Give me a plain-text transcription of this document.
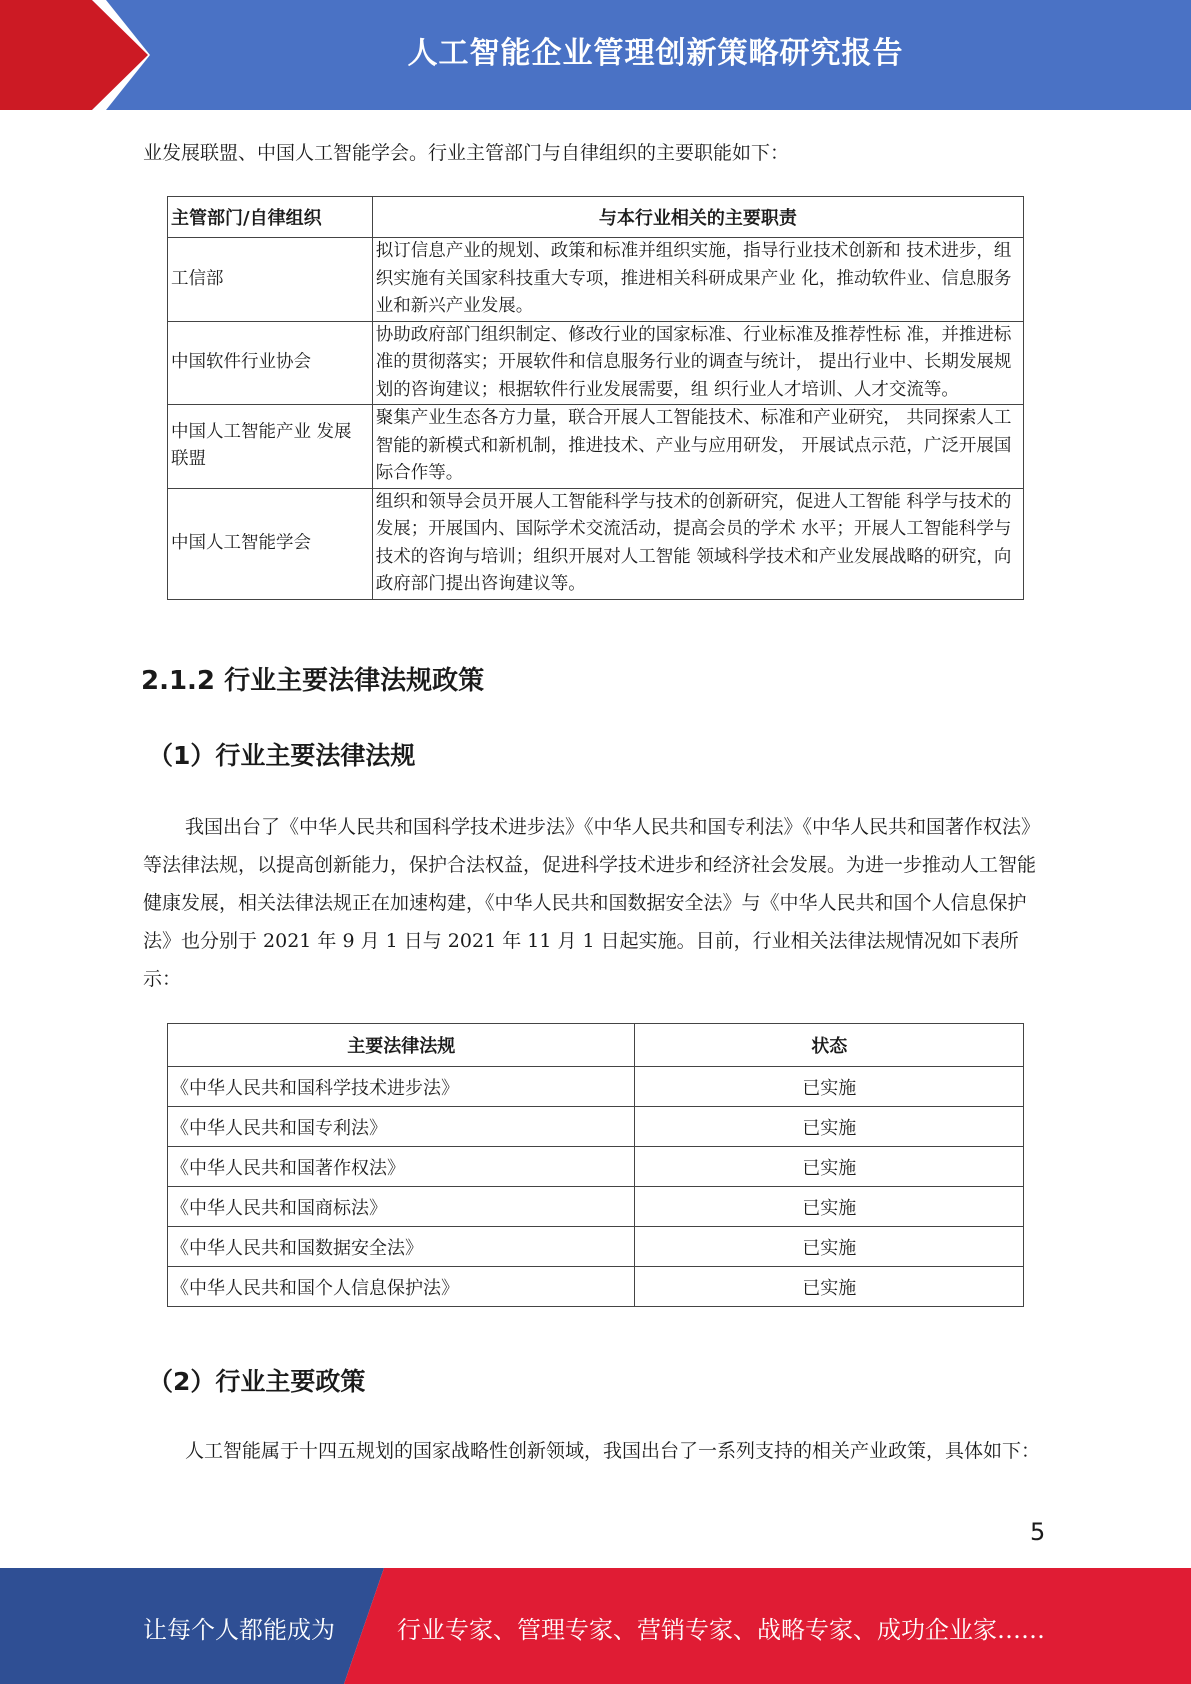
人工智能企业管理创新策略研究报告

业发展联盟、中国人工智能学会。行业主管部门与自律组织的主要职能如下：

主管部门/自律组织	与本行业相关的主要职责
工信部	拟订信息产业的规划、政策和标准并组织实施，指导行业技术创新和 技术进步，组织实施有关国家科技重大专项，推进相关科研成果产业 化，推动软件业、信息服务业和新兴产业发展。
中国软件行业协会	协助政府部门组织制定、修改行业的国家标准、行业标准及推荐性标 准，并推进标准的贯彻落实；开展软件和信息服务行业的调查与统计， 提出行业中、长期发展规划的咨询建议；根据软件行业发展需要，组 织行业人才培训、人才交流等。
中国人工智能产业 发展联盟	聚集产业生态各方力量，联合开展人工智能技术、标准和产业研究， 共同探索人工智能的新模式和新机制，推进技术、产业与应用研发， 开展试点示范，广泛开展国际合作等。
中国人工智能学会	组织和领导会员开展人工智能科学与技术的创新研究，促进人工智能 科学与技术的发展；开展国内、国际学术交流活动，提高会员的学术 水平；开展人工智能科学与技术的咨询与培训；组织开展对人工智能 领域科学技术和产业发展战略的研究，向政府部门提出咨询建议等。
2.1.2 行业主要法律法规政策
（1）行业主要法律法规

我国出台了《中华人民共和国科学技术进步法》《中华人民共和国专利法》《中华人民共和国著作权法》等法律法规，以提高创新能力，保护合法权益，促进科学技术进步和经济社会发展。为进一步推动人工智能健康发展，相关法律法规正在加速构建，《中华人民共和国数据安全法》与《中华人民共和国个人信息保护法》也分别于 2021 年 9 月 1 日与 2021 年 11 月 1 日起实施。目前，行业相关法律法规情况如下表所示：

主要法律法规	状态
《中华人民共和国科学技术进步法》	已实施
《中华人民共和国专利法》	已实施
《中华人民共和国著作权法》	已实施
《中华人民共和国商标法》	已实施
《中华人民共和国数据安全法》	已实施
《中华人民共和国个人信息保护法》	已实施
（2）行业主要政策

人工智能属于十四五规划的国家战略性创新领域，我国出台了一系列支持的相关产业政策，具体如下：

5
让每个人都能成为	行业专家、管理专家、营销专家、战略专家、成功企业家……
